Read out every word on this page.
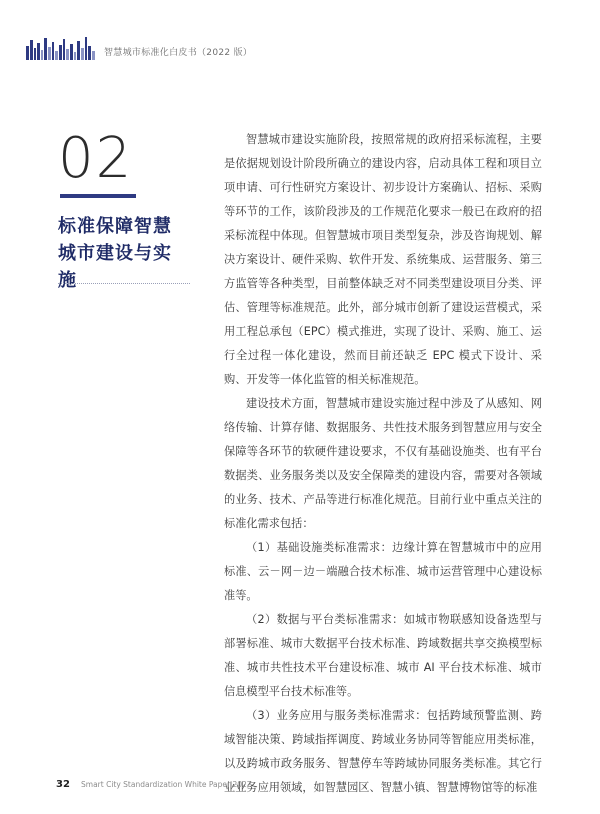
智慧城市标准化白皮书（2022 版）
02
标准保障智慧城市建设与实施

智慧城市建设实施阶段，按照常规的政府招采标流程，主要是依据规划设计阶段所确立的建设内容，启动具体工程和项目立项申请、可行性研究方案设计、初步设计方案确认、招标、采购等环节的工作，该阶段涉及的工作规范化要求一般已在政府的招采标流程中体现。但智慧城市项目类型复杂，涉及咨询规划、解决方案设计、硬件采购、软件开发、系统集成、运营服务、第三方监管等各种类型，目前整体缺乏对不同类型建设项目分类、评估、管理等标准规范。此外，部分城市创新了建设运营模式，采用工程总承包（EPC）模式推进，实现了设计、采购、施工、运行全过程一体化建设，然而目前还缺乏 EPC 模式下设计、采购、开发等一体化监管的相关标准规范。

建设技术方面，智慧城市建设实施过程中涉及了从感知、网络传输、计算存储、数据服务、共性技术服务到智慧应用与安全保障等各环节的软硬件建设要求，不仅有基础设施类、也有平台数据类、业务服务类以及安全保障类的建设内容，需要对各领域的业务、技术、产品等进行标准化规范。目前行业中重点关注的标准化需求包括：

（1）基础设施类标准需求：边缘计算在智慧城市中的应用标准、云－网－边－端融合技术标准、城市运营管理中心建设标准等。

（2）数据与平台类标准需求：如城市物联感知设备选型与部署标准、城市大数据平台技术标准、跨域数据共享交换模型标准、城市共性技术平台建设标准、城市 AI 平台技术标准、城市信息模型平台技术标准等。

（3）业务应用与服务类标准需求：包括跨域预警监测、跨域智能决策、跨域指挥调度、跨域业务协同等智能应用类标准，以及跨城市政务服务、智慧停车等跨域协同服务类标准。其它行业业务应用领域，如智慧园区、智慧小镇、智慧博物馆等的标准

32 Smart City Standardization White Paper 2022
